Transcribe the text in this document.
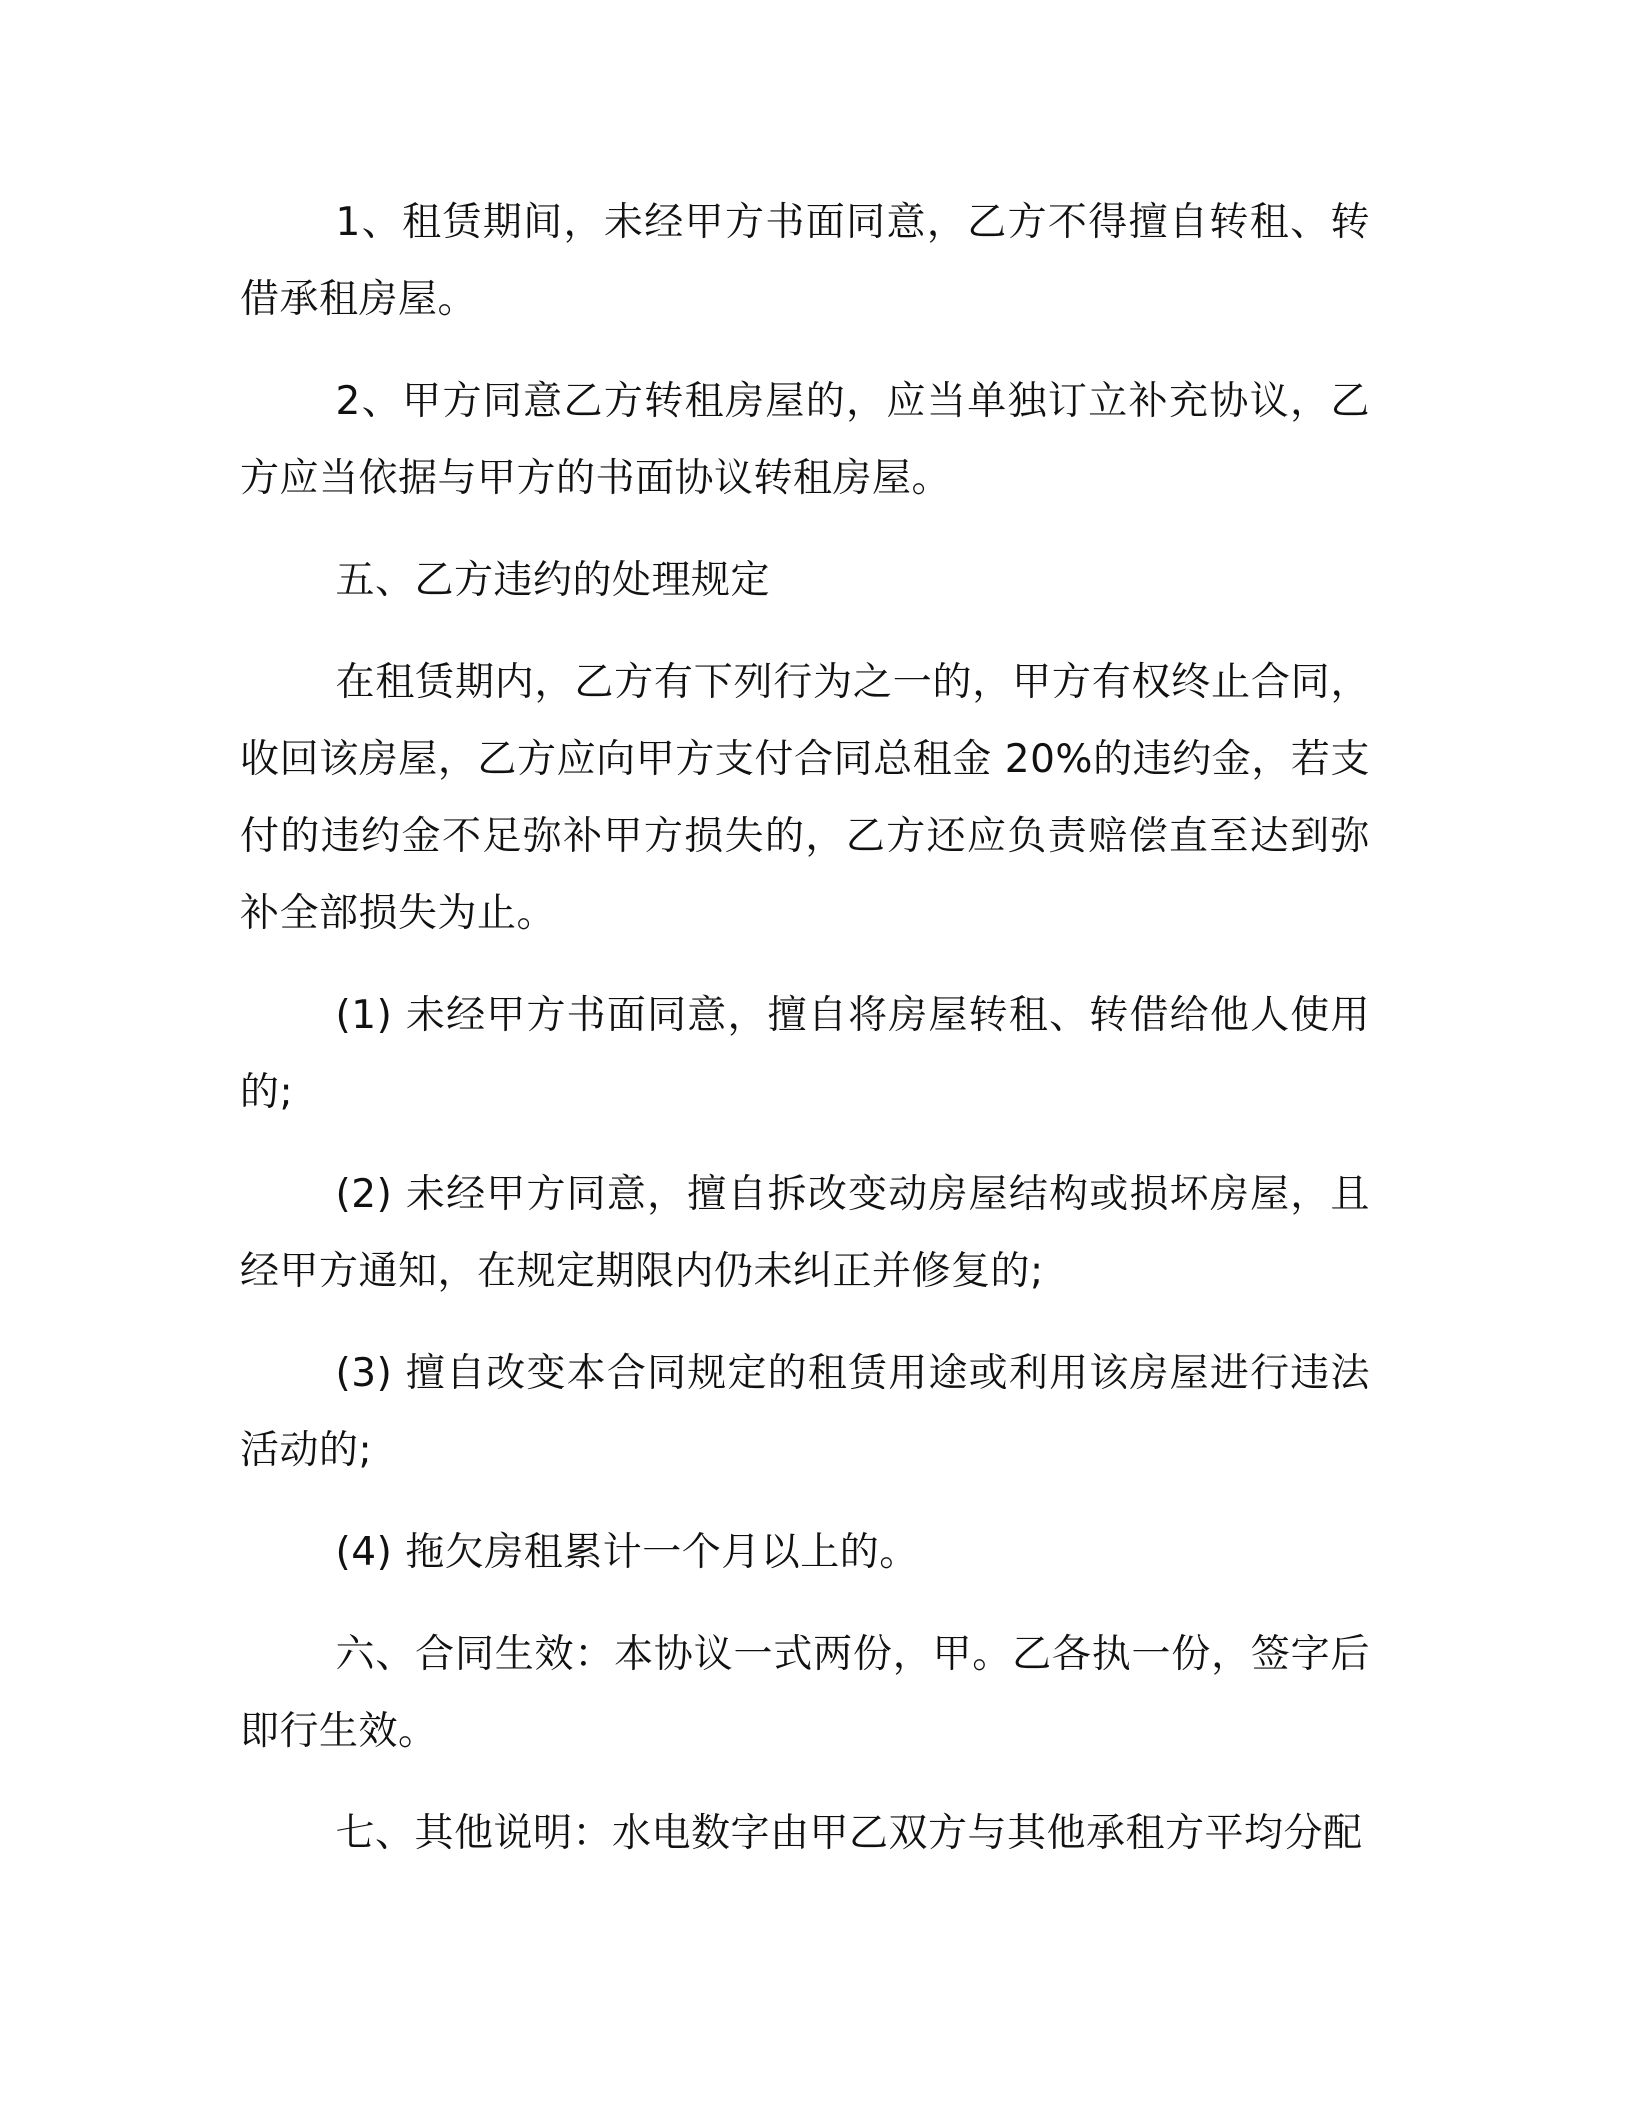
1、租赁期间，未经甲方书面同意，乙方不得擅自转租、转借承租房屋。

2、甲方同意乙方转租房屋的，应当单独订立补充协议，乙方应当依据与甲方的书面协议转租房屋。

五、乙方违约的处理规定

在租赁期内，乙方有下列行为之一的，甲方有权终止合同，收回该房屋，乙方应向甲方支付合同总租金 20%的违约金，若支付的违约金不足弥补甲方损失的，乙方还应负责赔偿直至达到弥补全部损失为止。

(1) 未经甲方书面同意，擅自将房屋转租、转借给他人使用的;

(2) 未经甲方同意，擅自拆改变动房屋结构或损坏房屋，且经甲方通知，在规定期限内仍未纠正并修复的;

(3) 擅自改变本合同规定的租赁用途或利用该房屋进行违法活动的;

(4) 拖欠房租累计一个月以上的。

六、合同生效：本协议一式两份，甲。乙各执一份，签字后即行生效。

七、其他说明：水电数字由甲乙双方与其他承租方平均分配
